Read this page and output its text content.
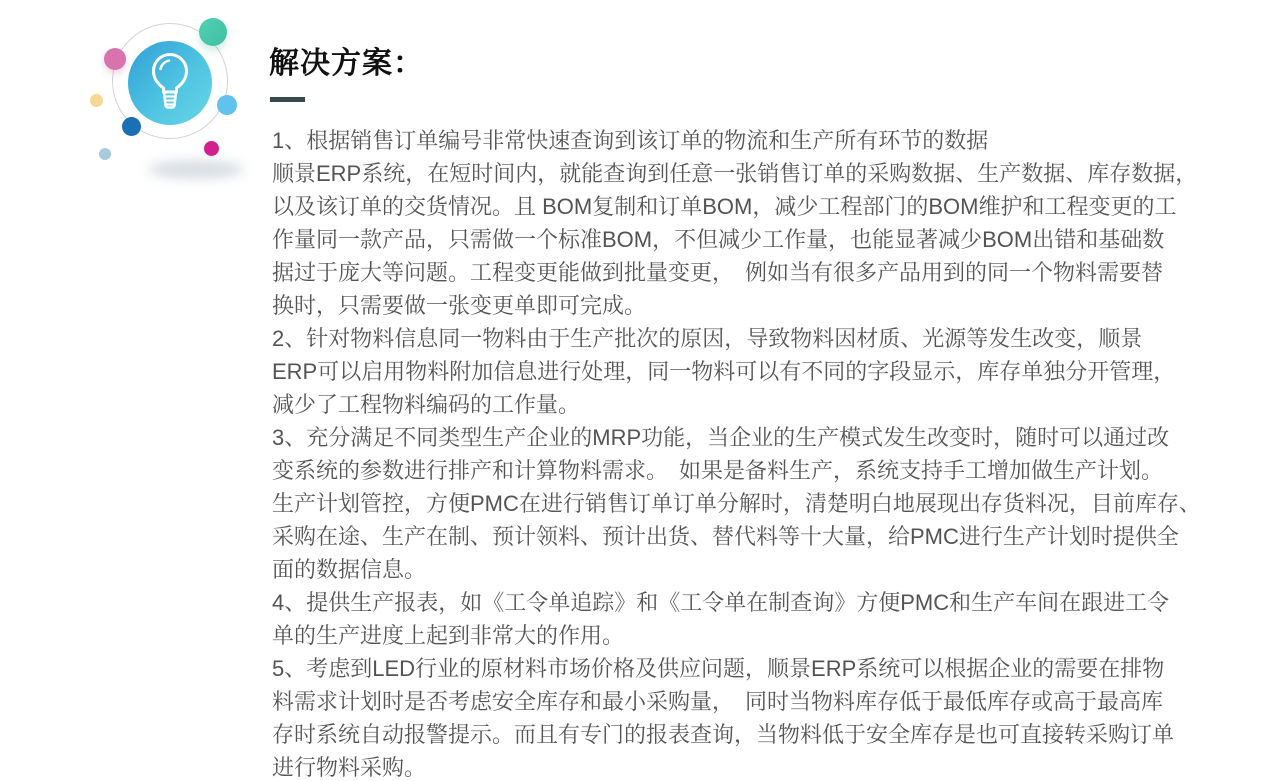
解决方案：
1、根据销售订单编号非常快速查询到该订单的物流和生产所有环节的数据
顺景ERP系统，在短时间内，就能查询到任意一张销售订单的采购数据、生产数据、库存数据，
以及该订单的交货情况。且 BOM复制和订单BOM，减少工程部门的BOM维护和工程变更的工
作量同一款产品，只需做一个标准BOM，不但减少工作量，也能显著减少BOM出错和基础数
据过于庞大等问题。工程变更能做到批量变更，　例如当有很多产品用到的同一个物料需要替
换时，只需要做一张变更单即可完成。
2、针对物料信息同一物料由于生产批次的原因，导致物料因材质、光源等发生改变，顺景
ERP可以启用物料附加信息进行处理，同一物料可以有不同的字段显示，库存单独分开管理，
减少了工程物料编码的工作量。
3、充分满足不同类型生产企业的MRP功能，当企业的生产模式发生改变时，随时可以通过改
变系统的参数进行排产和计算物料需求。　如果是备料生产，系统支持手工增加做生产计划。
生产计划管控，方便PMC在进行销售订单订单分解时，清楚明白地展现出存货料况，目前库存、
采购在途、生产在制、预计领料、预计出货、替代料等十大量，给PMC进行生产计划时提供全
面的数据信息。
4、提供生产报表，如《工令单追踪》和《工令单在制查询》方便PMC和生产车间在跟进工令
单的生产进度上起到非常大的作用。
5、考虑到LED行业的原材料市场价格及供应问题，顺景ERP系统可以根据企业的需要在排物
料需求计划时是否考虑安全库存和最小采购量，　同时当物料库存低于最低库存或高于最高库
存时系统自动报警提示。而且有专门的报表查询，当物料低于安全库存是也可直接转采购订单
进行物料采购。
